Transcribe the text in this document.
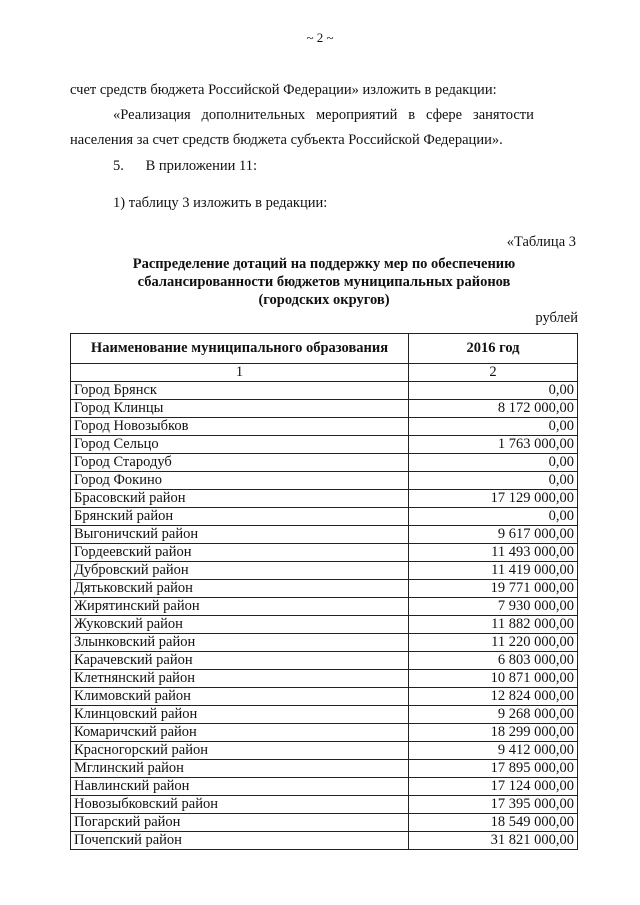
~ 2 ~
счет средств бюджета Российской Федерации» изложить в редакции:
«Реализация   дополнительных   мероприятий   в   сфере   занятости
населения за счет средств бюджета субъекта Российской Федерации».
5.      В приложении 11:
1) таблицу 3 изложить в редакции:
«Таблица 3
Распределение дотаций на поддержку мер по обеспечению
сбалансированности бюджетов муниципальных районов
(городских округов)
рублей
Наименование муниципального образования	2016 год
1	2
Город Брянск	0,00
Город Клинцы	8 172 000,00
Город Новозыбков	0,00
Город Сельцо	1 763 000,00
Город Стародуб	0,00
Город Фокино	0,00
Брасовский район	17 129 000,00
Брянский район	0,00
Выгоничский район	9 617 000,00
Гордеевский район	11 493 000,00
Дубровский район	11 419 000,00
Дятьковский район	19 771 000,00
Жирятинский район	7 930 000,00
Жуковский район	11 882 000,00
Злынковский район	11 220 000,00
Карачевский район	6 803 000,00
Клетнянский район	10 871 000,00
Климовский район	12 824 000,00
Клинцовский район	9 268 000,00
Комаричский район	18 299 000,00
Красногорский район	9 412 000,00
Мглинский район	17 895 000,00
Навлинский район	17 124 000,00
Новозыбковский район	17 395 000,00
Погарский район	18 549 000,00
Почепский район	31 821 000,00
